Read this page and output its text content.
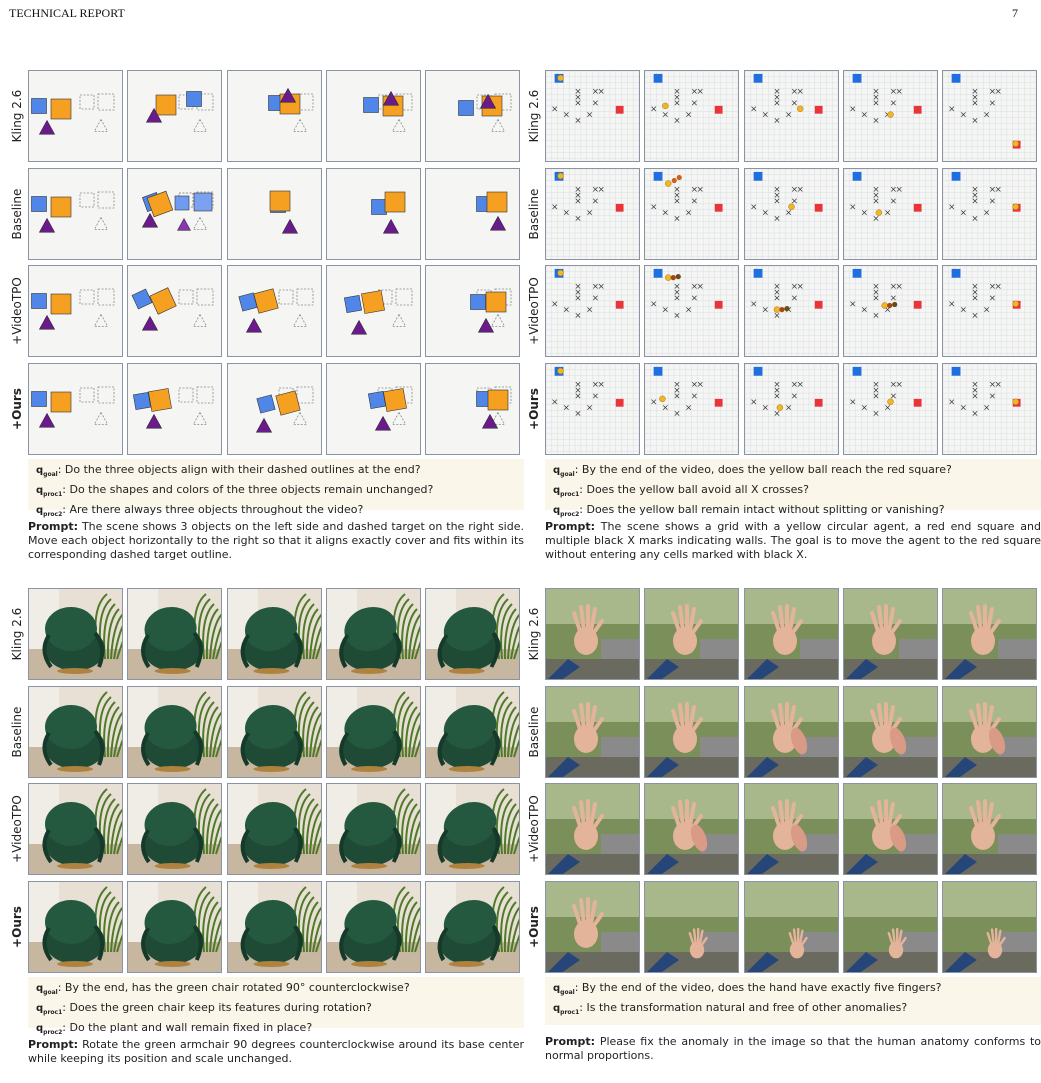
TECHNICAL REPORT	7
Kling 2.6
Baseline
+VideoTPO
+Ours
$q_{goal}$: Do the three objects align with their dashed outlines at the end?
$q_{proc1}$: Do the shapes and colors of the three objects remain unchanged?
$q_{proc2}$: Are there always three objects throughout the video?
Prompt: The scene shows 3 objects on the left side and dashed target on the right side. Move each object horizontally to the right so that it aligns exactly cover and fits within its corresponding dashed target outline.
Kling 2.6
Baseline
+VideoTPO
+Ours
$q_{goal}$: By the end of the video, does the yellow ball reach the red square?
$q_{proc1}$: Does the yellow ball avoid all X crosses?
$q_{proc2}$: Does the yellow ball remain intact without splitting or vanishing?
Prompt: The scene shows a grid with a yellow circular agent, a red end square and multiple black X marks indicating walls. The goal is to move the agent to the red square without entering any cells marked with black X.
Kling 2.6
Baseline
+VideoTPO
+Ours
$q_{goal}$: By the end, has the green chair rotated 90° counterclockwise?
$q_{proc1}$: Does the green chair keep its features during rotation?
$q_{proc2}$: Do the plant and wall remain fixed in place?
Prompt: Rotate the green armchair 90 degrees counterclockwise around its base center while keeping its position and scale unchanged.
Kling 2.6
Baseline
+VideoTPO
+Ours
$q_{goal}$: By the end of the video, does the hand have exactly five fingers?
$q_{proc1}$: Is the transformation natural and free of other anomalies?
Prompt: Please fix the anomaly in the image so that the human anatomy conforms to normal proportions.
